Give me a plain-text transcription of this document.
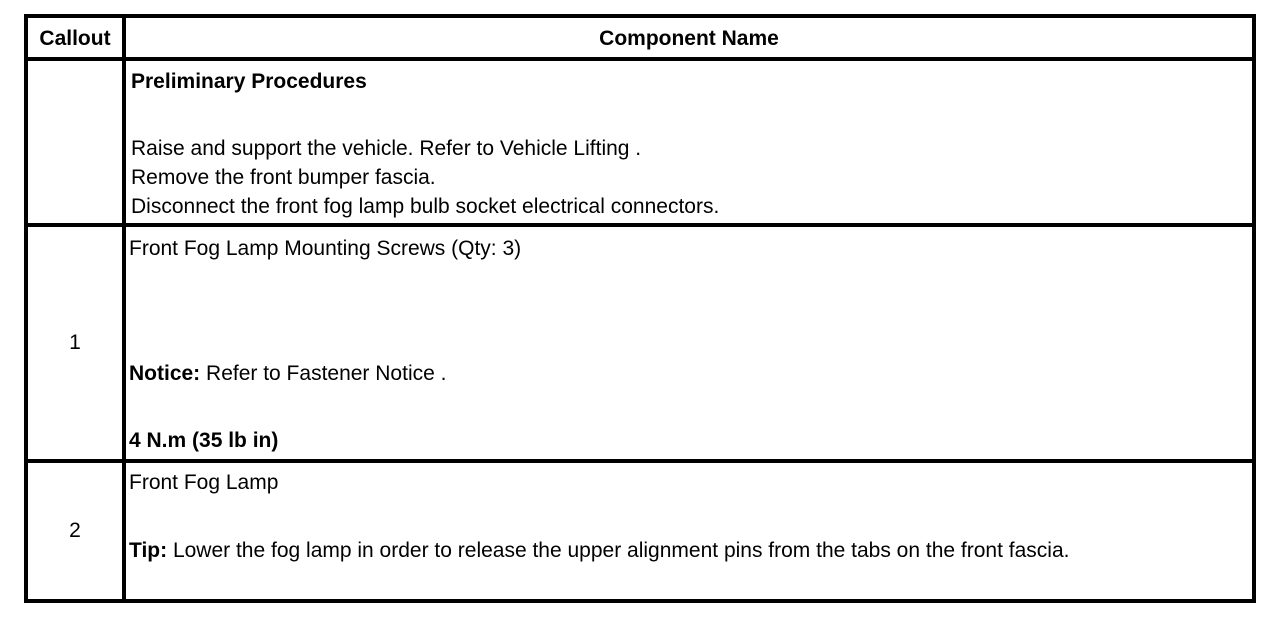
Callout	Component Name
Preliminary Procedures
Raise and support the vehicle. Refer to Vehicle Lifting .
Remove the front bumper fascia.
Disconnect the front fog lamp bulb socket electrical connectors.
1
Front Fog Lamp Mounting Screws (Qty: 3)
Notice: Refer to Fastener Notice .
4 N.m (35 lb in)
2
Front Fog Lamp
Tip: Lower the fog lamp in order to release the upper alignment pins from the tabs on the front fascia.
